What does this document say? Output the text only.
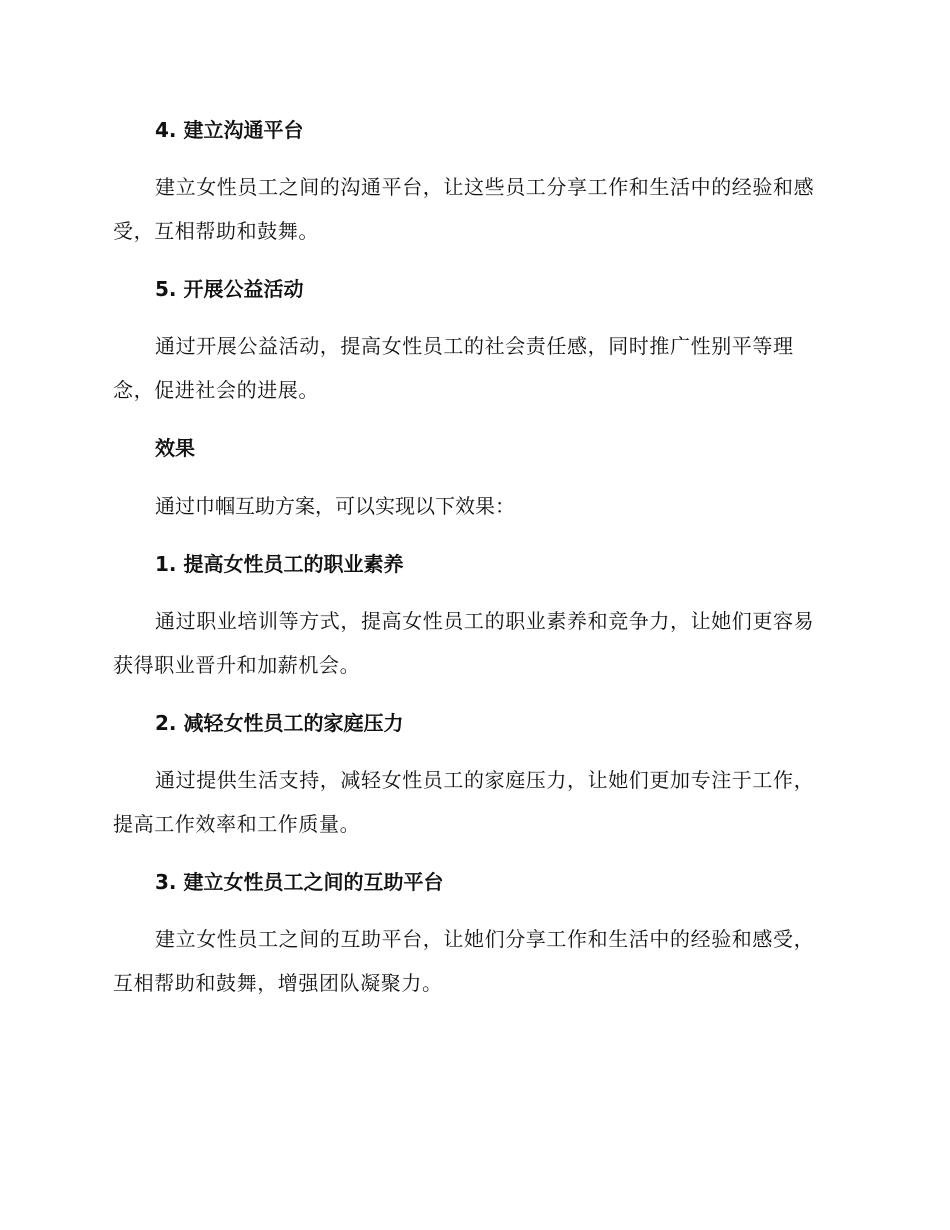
4. 建立沟通平台
建立女性员工之间的沟通平台，让这些员工分享工作和生活中的经验和感受，互相帮助和鼓舞。
5. 开展公益活动
通过开展公益活动，提高女性员工的社会责任感，同时推广性别平等理念，促进社会的进展。
效果
通过巾帼互助方案，可以实现以下效果：
1. 提高女性员工的职业素养
通过职业培训等方式，提高女性员工的职业素养和竞争力，让她们更容易获得职业晋升和加薪机会。
2. 减轻女性员工的家庭压力
通过提供生活支持，减轻女性员工的家庭压力，让她们更加专注于工作，提高工作效率和工作质量。
3. 建立女性员工之间的互助平台
建立女性员工之间的互助平台，让她们分享工作和生活中的经验和感受，互相帮助和鼓舞，增强团队凝聚力。
